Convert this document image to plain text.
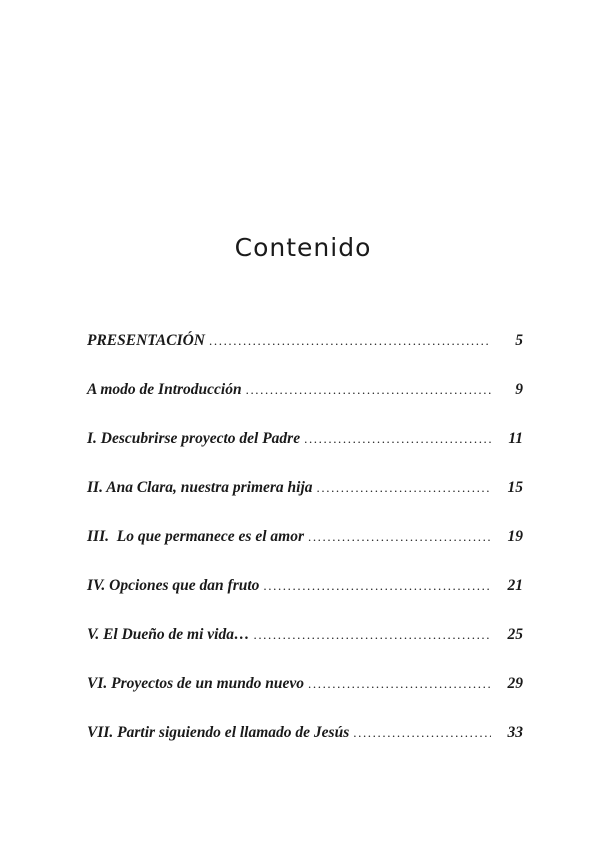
Contenido
PRESENTACIÓN .....	5
A modo de Introducción .....	9
I. Descubrirse proyecto del Padre .....	11
II. Ana Clara, nuestra primera hija .....	15
III.  Lo que permanece es el amor .....	19
IV. Opciones que dan fruto .....	21
V. El Dueño de mi vida… .....	25
VI. Proyectos de un mundo nuevo .....	29
VII. Partir siguiendo el llamado de Jesús .....	33
